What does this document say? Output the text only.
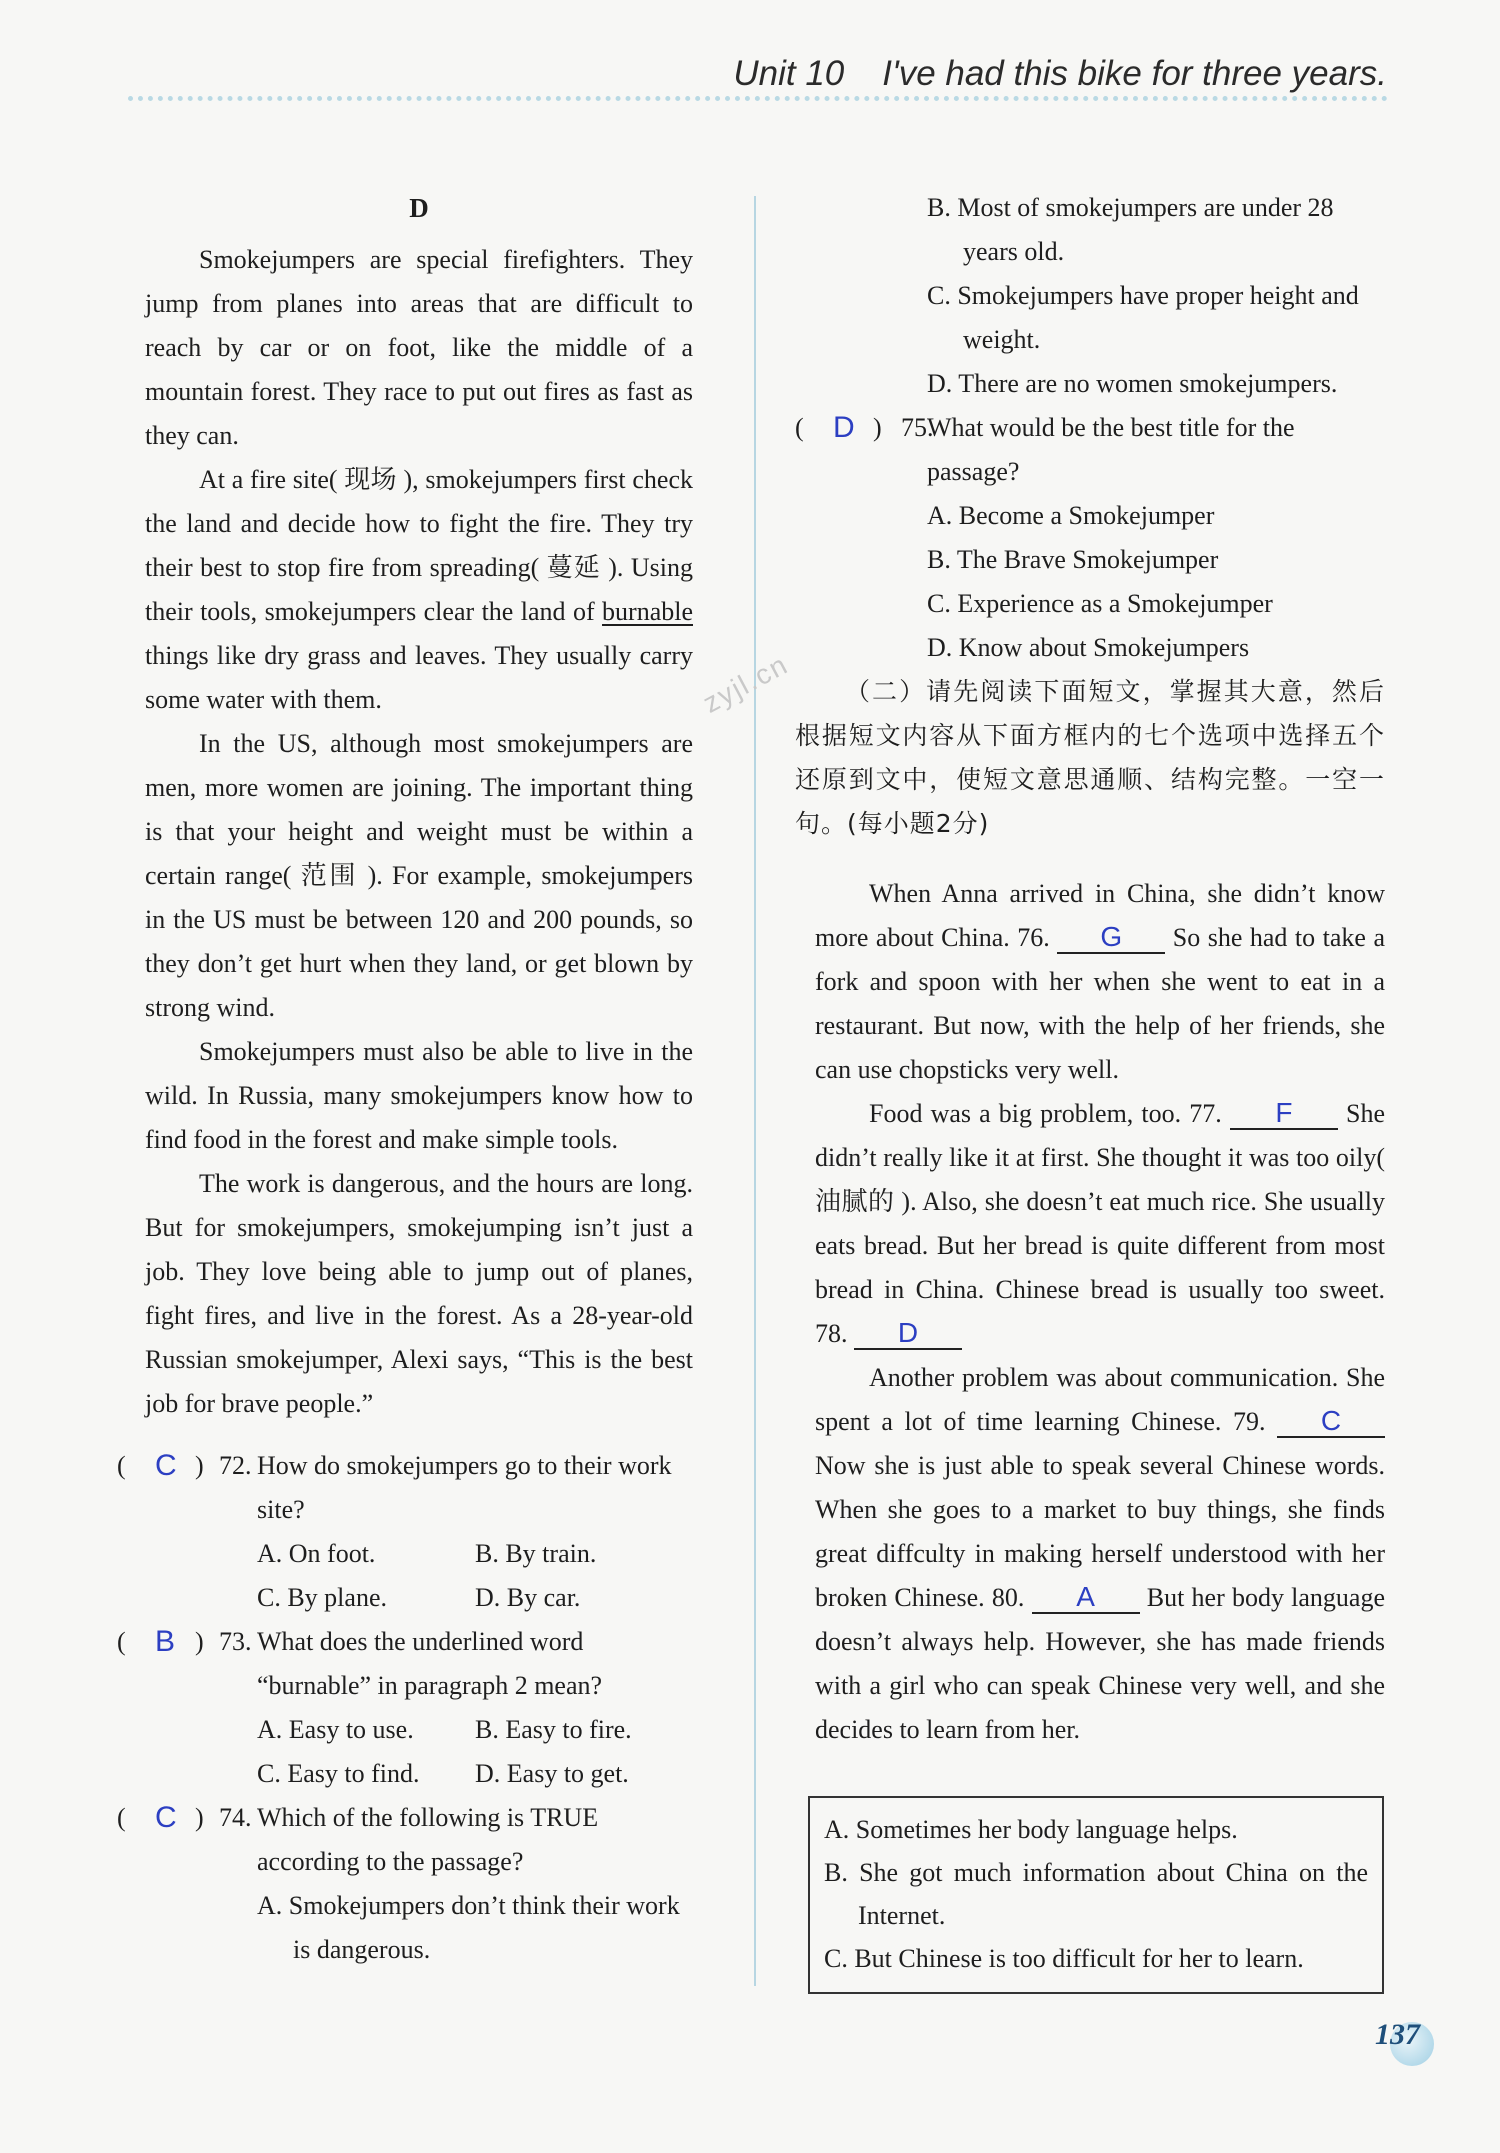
Unit 10 I've had this bike for three years.
D

Smokejumpers are special firefighters. They jump from planes into areas that are difficult to reach by car or on foot, like the middle of a mountain forest. They race to put out fires as fast as they can.

At a fire site( 现场 ), smokejumpers first check the land and decide how to fight the fire. They try their best to stop fire from spreading( 蔓延 ). Using their tools, smokejumpers clear the land of burnable things like dry grass and leaves. They usually carry some water with them.

In the US, although most smokejumpers are men, more women are joining. The important thing is that your height and weight must be within a certain range( 范围 ). For example, smokejumpers in the US must be between 120 and 200 pounds, so they don’t get hurt when they land, or get blown by strong wind.

Smokejumpers must also be able to live in the wild. In Russia, many smokejumpers know how to find food in the forest and make simple tools.

The work is dangerous, and the hours are long. But for smokejumpers, smokejumping isn’t just a job. They love being able to jump out of planes, fight fires, and live in the forest. As a 28-year-old Russian smokejumper, Alexi says, “This is the best job for brave people.”

( C ) 72. How do smokejumpers go to their work site?
A. On foot.	B. By train.
C. By plane.	D. By car.
( B ) 73. What does the underlined word “burnable” in paragraph 2 mean?
A. Easy to use.	B. Easy to fire.
C. Easy to find.	D. Easy to get.
( C ) 74. Which of the following is TRUE according to the passage?
A. Smokejumpers don’t think their work is dangerous.
B. Most of smokejumpers are under 28 years old.
C. Smokejumpers have proper height and weight.
D. There are no women smokejumpers.
( D ) 75.
What would be the best title for the passage?
A. Become a Smokejumper
B. The Brave Smokejumper
C. Experience as a Smokejumper
D. Know about Smokejumpers

（二）请先阅读下面短文，掌握其大意，然后根据短文内容从下面方框内的七个选项中选择五个还原到文中，使短文意思通顺、结构完整。一空一句。(每小题2分)

When Anna arrived in China, she didn’t know more about China. 76. G So she had to take a fork and spoon with her when she went to eat in a restaurant. But now, with the help of her friends, she can use chopsticks very well.

Food was a big problem, too. 77. F She didn’t really like it at first. She thought it was too oily( 油腻的 ). Also, she doesn’t eat much rice. She usually eats bread. But her bread is quite different from most bread in China. Chinese bread is usually too sweet. 78. D

Another problem was about communication. She spent a lot of time learning Chinese. 79. C Now she is just able to speak several Chinese words. When she goes to a market to buy things, she finds great diffculty in making herself understood with her broken Chinese. 80. A But her body language doesn’t always help. However, she has made friends with a girl who can speak Chinese very well, and she decides to learn from her.

A. Sometimes her body language helps.
B. She got much information about China on the Internet.
C. But Chinese is too difficult for her to learn.
zyjl.cn
137
